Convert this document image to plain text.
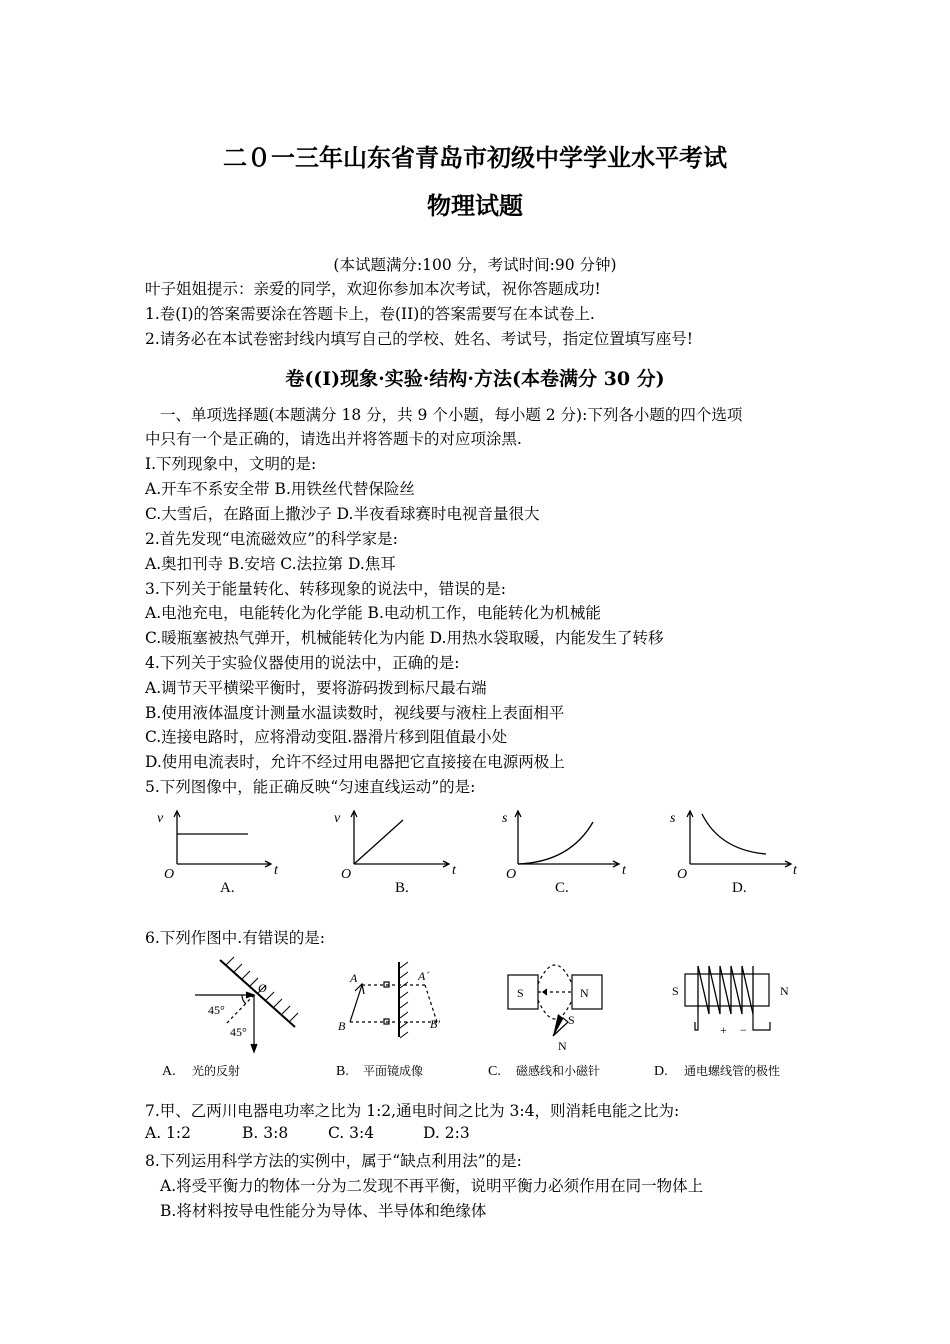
二０一三年山东省青岛市初级中学学业水平考试
物理试题
(本试题满分:100 分，考试时间:90 分钟)
叶子姐姐提示：亲爱的同学，欢迎你参加本次考试，祝你答题成功!
1.卷(I)的答案需要涂在答题卡上，卷(II)的答案需要写在本试卷上.
2.请务必在本试卷密封线内填写自己的学校、姓名、考试号，指定位置填写座号!
卷((I)现象·实验·结构·方法(本卷满分 30 分)
一、单项选择题(本题满分 18 分，共 9 个小题，每小题 2 分):下列各小题的四个选项
中只有一个是正确的，请选出并将答题卡的对应项涂黑.
I.下列现象中，文明的是:
A.开车不系安全带 B.用铁丝代替保险丝
C.大雪后，在路面上撒沙子 D.半夜看球赛时电视音量很大
2.首先发现“电流磁效应”的科学家是:
A.奥扣刊寺 B.安培 C.法拉第 D.焦耳
3.下列关于能量转化、转移现象的说法中，错误的是:
A.电池充电，电能转化为化学能 B.电动机工作，电能转化为机械能
C.暖瓶塞被热气弹开，机械能转化为内能 D.用热水袋取暖，内能发生了转移
4.下列关于实验仪器使用的说法中，正确的是:
A.调节天平横梁平衡时，要将游码拨到标尺最右端
B.使用液体温度计测量水温读数时，视线要与液柱上表面相平
C.连接电路时，应将滑动变阻.器滑片移到阻值最小处
D.使用电流表时，允许不经过用电器把它直接接在电源两极上
5.下列图像中，能正确反映“匀速直线运动”的是:
v
O	t
v
O	t
s
O	t
s
O	t
A.	B.	C.	D.
6.下列作图中.有错误的是:
O
45°
45°
A	A´
B	B′
S	N
S
N
S	N
+ −
A. 光的反射	B. 平面镜成像	C. 磁感线和小磁针	D. 通电螺线管的极性
7.甲、乙两川电器电功率之比为 1:2,通电时间之比为 3:4，则消耗电能之比为:
A. 1:2	B. 3:8	C. 3:4	D. 2:3
8.下列运用科学方法的实例中，属于“缺点利用法”的是:
A.将受平衡力的物体一分为二发现不再平衡，说明平衡力必须作用在同一物体上
B.将材料按导电性能分为导体、半导体和绝缘体
